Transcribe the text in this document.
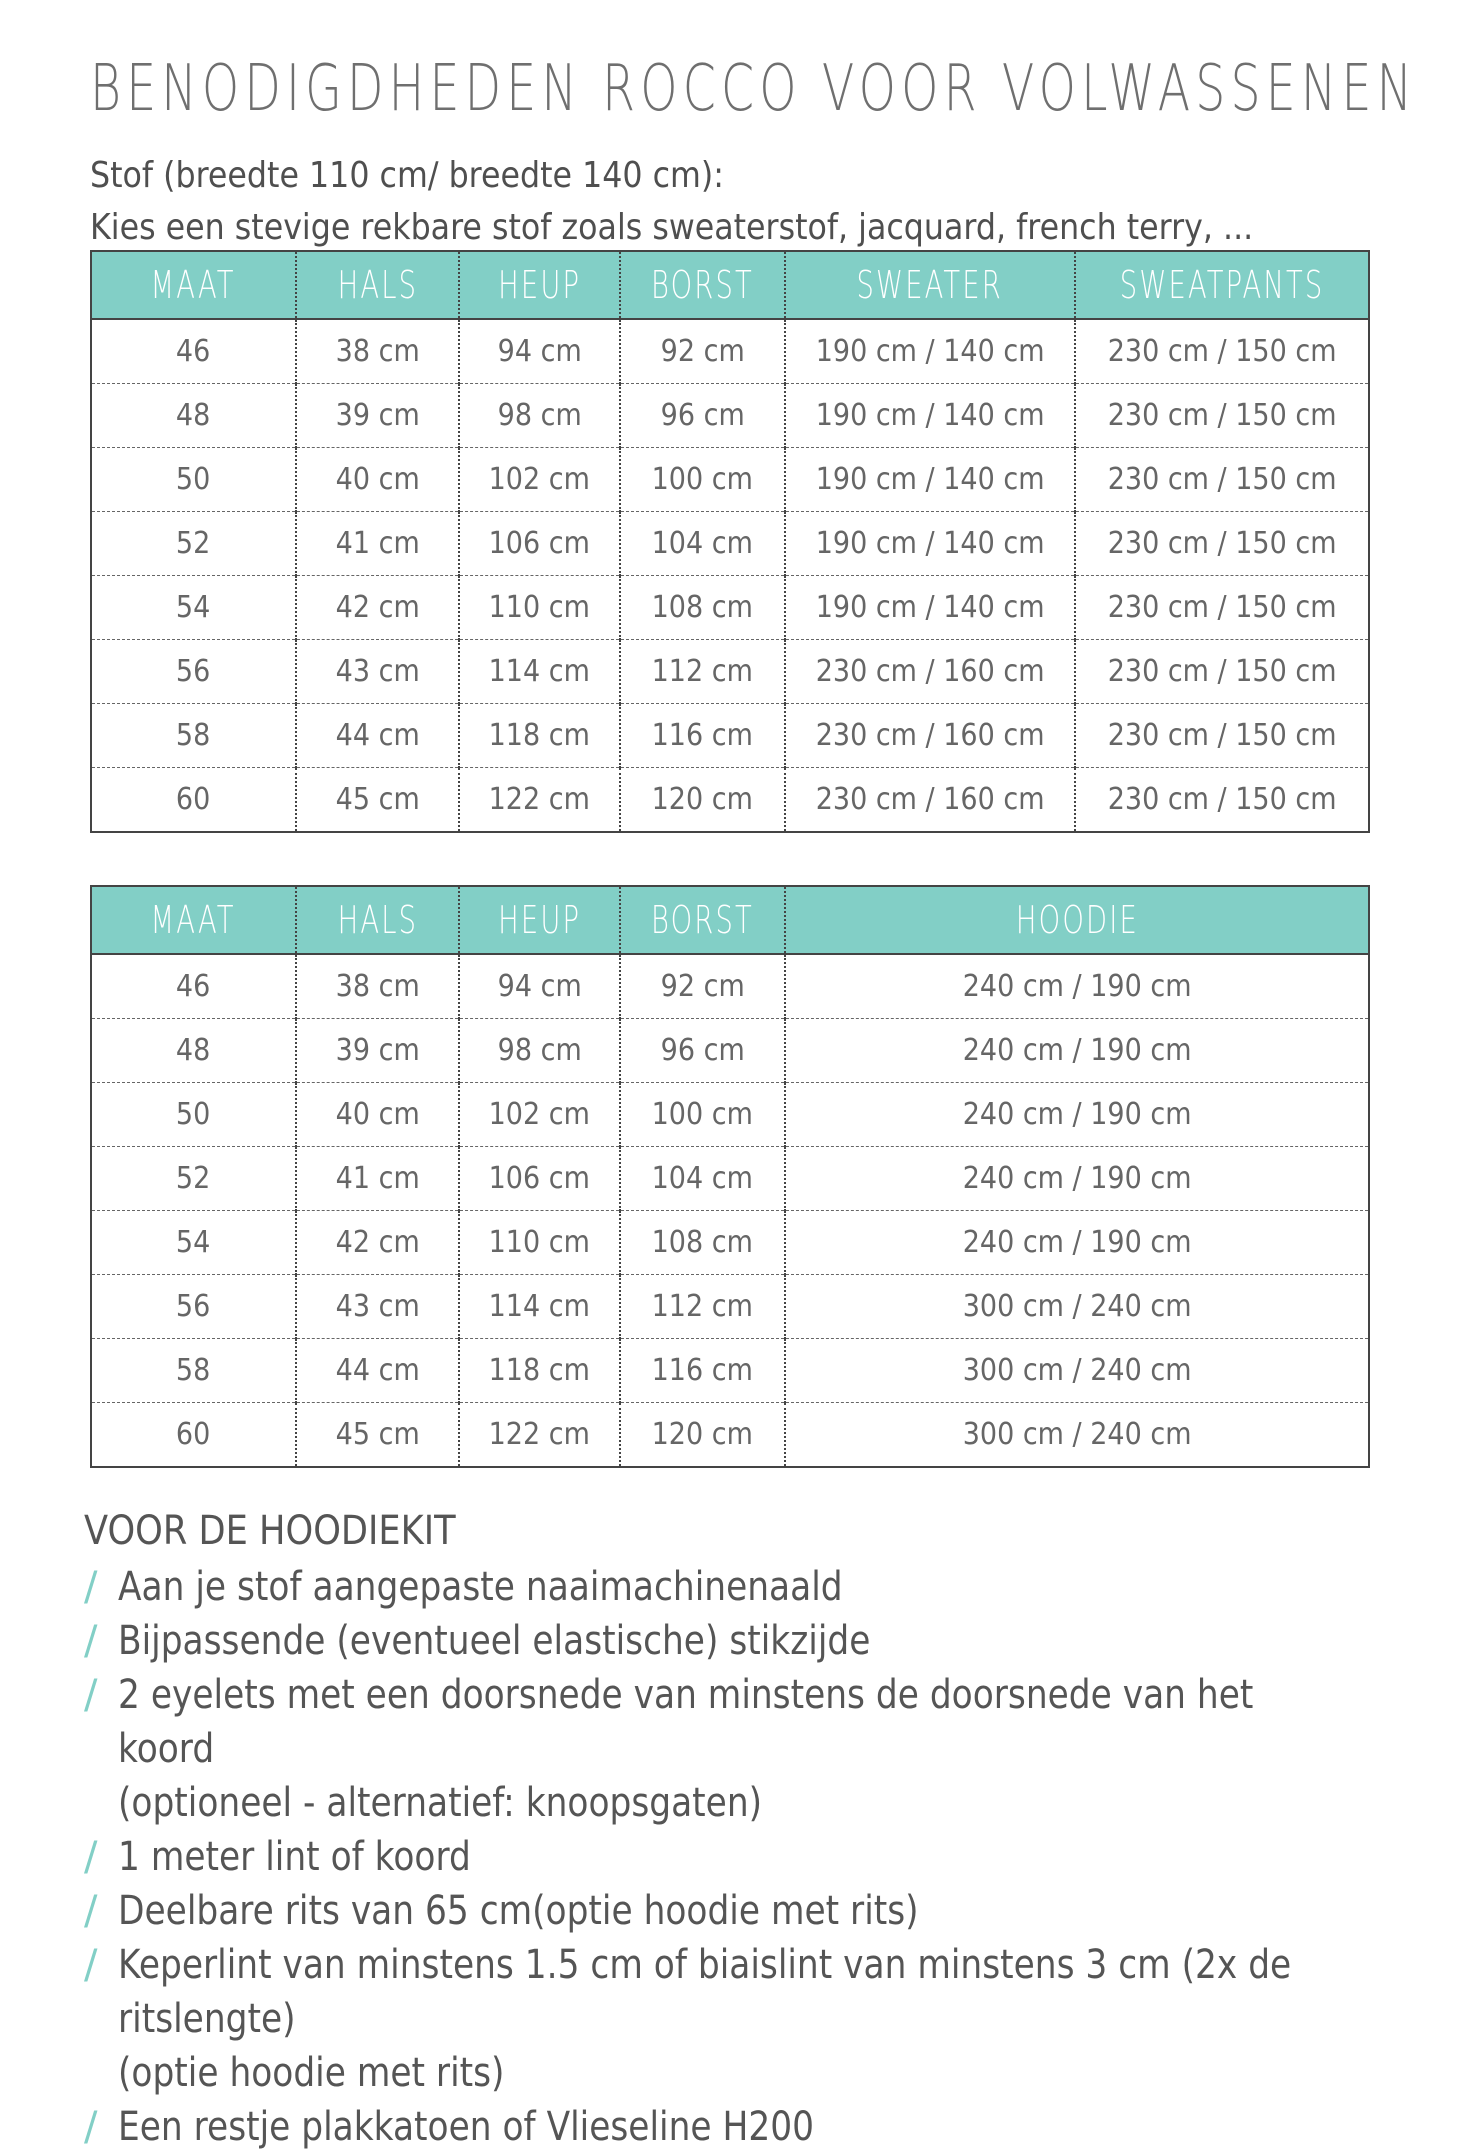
BENODIGDHEDEN ROCCO VOOR VOLWASSENEN
Stof (breedte 110 cm/ breedte 140 cm):
Kies een stevige rekbare stof zoals sweaterstof, jacquard, french terry, ...
MAAT	HALS	HEUP	BORST	SWEATER	SWEATPANTS
46	38 cm	94 cm	92 cm	190 cm / 140 cm	230 cm / 150 cm
48	39 cm	98 cm	96 cm	190 cm / 140 cm	230 cm / 150 cm
50	40 cm	102 cm	100 cm	190 cm / 140 cm	230 cm / 150 cm
52	41 cm	106 cm	104 cm	190 cm / 140 cm	230 cm / 150 cm
54	42 cm	110 cm	108 cm	190 cm / 140 cm	230 cm / 150 cm
56	43 cm	114 cm	112 cm	230 cm / 160 cm	230 cm / 150 cm
58	44 cm	118 cm	116 cm	230 cm / 160 cm	230 cm / 150 cm
60	45 cm	122 cm	120 cm	230 cm / 160 cm	230 cm / 150 cm
MAAT	HALS	HEUP	BORST	HOODIE
46	38 cm	94 cm	92 cm	240 cm / 190 cm
48	39 cm	98 cm	96 cm	240 cm / 190 cm
50	40 cm	102 cm	100 cm	240 cm / 190 cm
52	41 cm	106 cm	104 cm	240 cm / 190 cm
54	42 cm	110 cm	108 cm	240 cm / 190 cm
56	43 cm	114 cm	112 cm	300 cm / 240 cm
58	44 cm	118 cm	116 cm	300 cm / 240 cm
60	45 cm	122 cm	120 cm	300 cm / 240 cm
VOOR DE HOODIEKIT
/ Aan je stof aangepaste naaimachinenaald
/ Bijpassende (eventueel elastische) stikzijde
/ 2 eyelets met een doorsnede van minstens de doorsnede van het koord
(optioneel - alternatief: knoopsgaten)
/ 1 meter lint of koord
/ Deelbare rits van 65 cm(optie hoodie met rits)
/ Keperlint van minstens 1.5 cm of biaislint van minstens 3 cm (2x de ritslengte)
(optie hoodie met rits)
/ Een restje plakkatoen of Vlieseline H200
